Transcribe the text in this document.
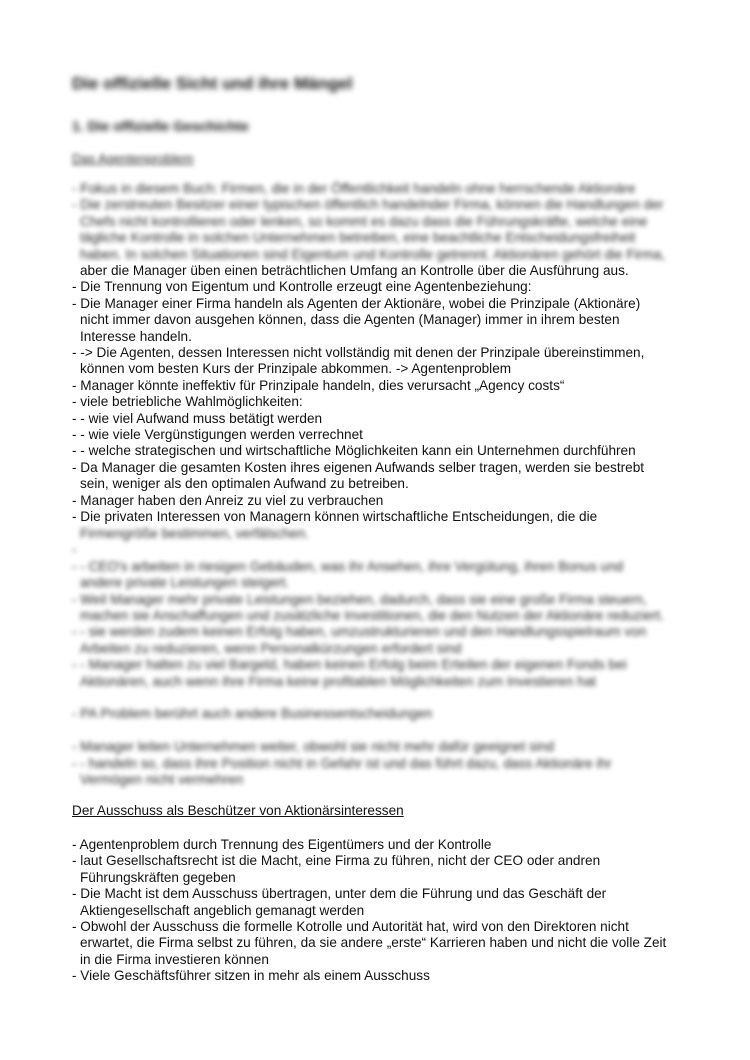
Die offizielle Sicht und ihre Mängel
1. Die offizielle Geschichte
Das Agentenproblem
- Fokus in diesem Buch: Firmen, die in der Öffentlichkeit handeln ohne herrschende Aktionäre
- Die zerstreuten Besitzer einer typischen öffentlich handelnder Firma, können die Handlungen der
Chefs nicht kontrollieren oder lenken, so kommt es dazu dass die Führungskräfte, welche eine
tägliche Kontrolle in solchen Unternehmen betreiben, eine beachtliche Entscheidungsfreiheit
haben. In solchen Situationen sind Eigentum und Kontrolle getrennt. Aktionären gehört die Firma,
aber die Manager üben einen beträchtlichen Umfang an Kontrolle über die Ausführung aus.
- Die Trennung von Eigentum und Kontrolle erzeugt eine Agentenbeziehung:
- Die Manager einer Firma handeln als Agenten der Aktionäre, wobei die Prinzipale (Aktionäre)
nicht immer davon ausgehen können, dass die Agenten (Manager) immer in ihrem besten
Interesse handeln.
- -> Die Agenten, dessen Interessen nicht vollständig mit denen der Prinzipale übereinstimmen,
können vom besten Kurs der Prinzipale abkommen. -> Agentenproblem
- Manager könnte ineffektiv für Prinzipale handeln, dies verursacht „Agency costs“
- viele betriebliche Wahlmöglichkeiten:
- - wie viel Aufwand muss betätigt werden
- - wie viele Vergünstigungen werden verrechnet
- - welche strategischen und wirtschaftliche Möglichkeiten kann ein Unternehmen durchführen
- Da Manager die gesamten Kosten ihres eigenen Aufwands selber tragen, werden sie bestrebt
sein, weniger als den optimalen Aufwand zu betreiben.
- Manager haben den Anreiz zu viel zu verbrauchen
- Die privaten Interessen von Managern können wirtschaftliche Entscheidungen, die die
Firmengröße bestimmen, verfälschen.
-
- - CEO's arbeiten in riesigen Gebäuden, was ihr Ansehen, ihre Vergütung, ihren Bonus und
andere private Leistungen steigert.
- Weil Manager mehr private Leistungen beziehen, dadurch, dass sie eine große Firma steuern,
machen sie Anschaffungen und zusätzliche Investitionen, die den Nutzen der Aktionäre reduziert.
- - sie werden zudem keinen Erfolg haben, umzustrukturieren und den Handlungsspielraum von
Arbeiten zu reduzieren, wenn Personalkürzungen erfordert sind
- - Manager halten zu viel Bargeld, haben keinen Erfolg beim Erteilen der eigenen Fonds bei
Aktionären, auch wenn ihre Firma keine profitablen Möglichkeiten zum Investieren hat
- PA Problem berührt auch andere Businessentscheidungen
- Manager leiten Unternehmen weiter, obwohl sie nicht mehr dafür geeignet sind
- - handeln so, dass ihre Position nicht in Gefahr ist und das führt dazu, dass Aktionäre ihr
Vermögen nicht vermehren
Der Ausschuss als Beschützer von Aktionärsinteressen
- Agentenproblem durch Trennung des Eigentümers und der Kontrolle
- laut Gesellschaftsrecht ist die Macht, eine Firma zu führen, nicht der CEO oder andren
Führungskräften gegeben
- Die Macht ist dem Ausschuss übertragen, unter dem die Führung und das Geschäft der
Aktiengesellschaft angeblich gemanagt werden
- Obwohl der Ausschuss die formelle Kotrolle und Autorität hat, wird von den Direktoren nicht
erwartet, die Firma selbst zu führen, da sie andere „erste“ Karrieren haben und nicht die volle Zeit
in die Firma investieren können
- Viele Geschäftsführer sitzen in mehr als einem Ausschuss
